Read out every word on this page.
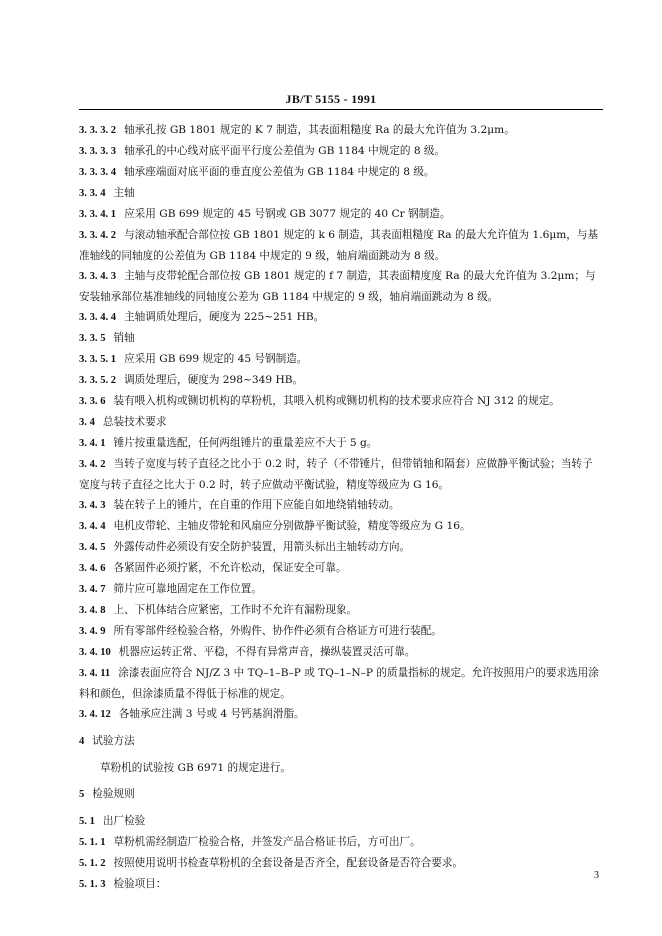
JB/T 5155 - 1991

3. 3. 3. 2 轴承孔按 GB 1801 规定的 K 7 制造，其表面粗糙度 Ra 的最大允许值为 3.2μm。

3. 3. 3. 3 轴承孔的中心线对底平面平行度公差值为 GB 1184 中规定的 8 级。

3. 3. 3. 4 轴承座端面对底平面的垂直度公差值为 GB 1184 中规定的 8 级。

3. 3. 4 主轴

3. 3. 4. 1 应采用 GB 699 规定的 45 号钢或 GB 3077 规定的 40 Cr 钢制造。

3. 3. 4. 2 与滚动轴承配合部位按 GB 1801 规定的 k 6 制造，其表面粗糙度 Ra 的最大允许值为 1.6μm，与基准轴线的同轴度的公差值为 GB 1184 中规定的 9 级，轴肩端面跳动为 8 级。

3. 3. 4. 3 主轴与皮带轮配合部位按 GB 1801 规定的 f 7 制造，其表面精度度 Ra 的最大允许值为 3.2μm；与安装轴承部位基准轴线的同轴度公差为 GB 1184 中规定的 9 级，轴肩端面跳动为 8 级。

3. 3. 4. 4 主轴调质处理后，硬度为 225~251 HB。

3. 3. 5 销轴

3. 3. 5. 1 应采用 GB 699 规定的 45 号钢制造。

3. 3. 5. 2 调质处理后，硬度为 298~349 HB。

3. 3. 6 装有喂入机构或铡切机构的草粉机，其喂入机构或铡切机构的技术要求应符合 NJ 312 的规定。

3. 4 总装技术要求

3. 4. 1 锤片按重量选配，任何两组锤片的重量差应不大于 5 g。

3. 4. 2 当转子宽度与转子直径之比小于 0.2 时，转子（不带锤片，但带销轴和隔套）应做静平衡试验；当转子宽度与转子直径之比大于 0.2 时，转子应做动平衡试验，精度等级应为 G 16。

3. 4. 3 装在转子上的锤片，在自重的作用下应能自如地绕销轴转动。

3. 4. 4 电机皮带轮、主轴皮带轮和风扇应分别做静平衡试验，精度等级应为 G 16。

3. 4. 5 外露传动件必须设有安全防护装置，用箭头标出主轴转动方向。

3. 4. 6 各紧固件必须拧紧，不允许松动，保证安全可靠。

3. 4. 7 筛片应可靠地固定在工作位置。

3. 4. 8 上、下机体结合应紧密，工作时不允许有漏粉现象。

3. 4. 9 所有零部件经检验合格，外购件、协作件必须有合格证方可进行装配。

3. 4. 10 机器应运转正常、平稳，不得有异常声音，操纵装置灵活可靠。

3. 4. 11 涂漆表面应符合 NJ/Z 3 中 TQ–1–B–P 或 TQ–1–N–P 的质量指标的规定。允许按照用户的要求选用涂料和颜色，但涂漆质量不得低于标准的规定。

3. 4. 12 各轴承应注满 3 号或 4 号钙基润滑脂。

4 试验方法

草粉机的试验按 GB 6971 的规定进行。

5 检验规则

5. 1 出厂检验

5. 1. 1 草粉机需经制造厂检验合格，并签发产品合格证书后，方可出厂。

5. 1. 2 按照使用说明书检查草粉机的全套设备是否齐全，配套设备是否符合要求。

5. 1. 3 检验项目：

3
